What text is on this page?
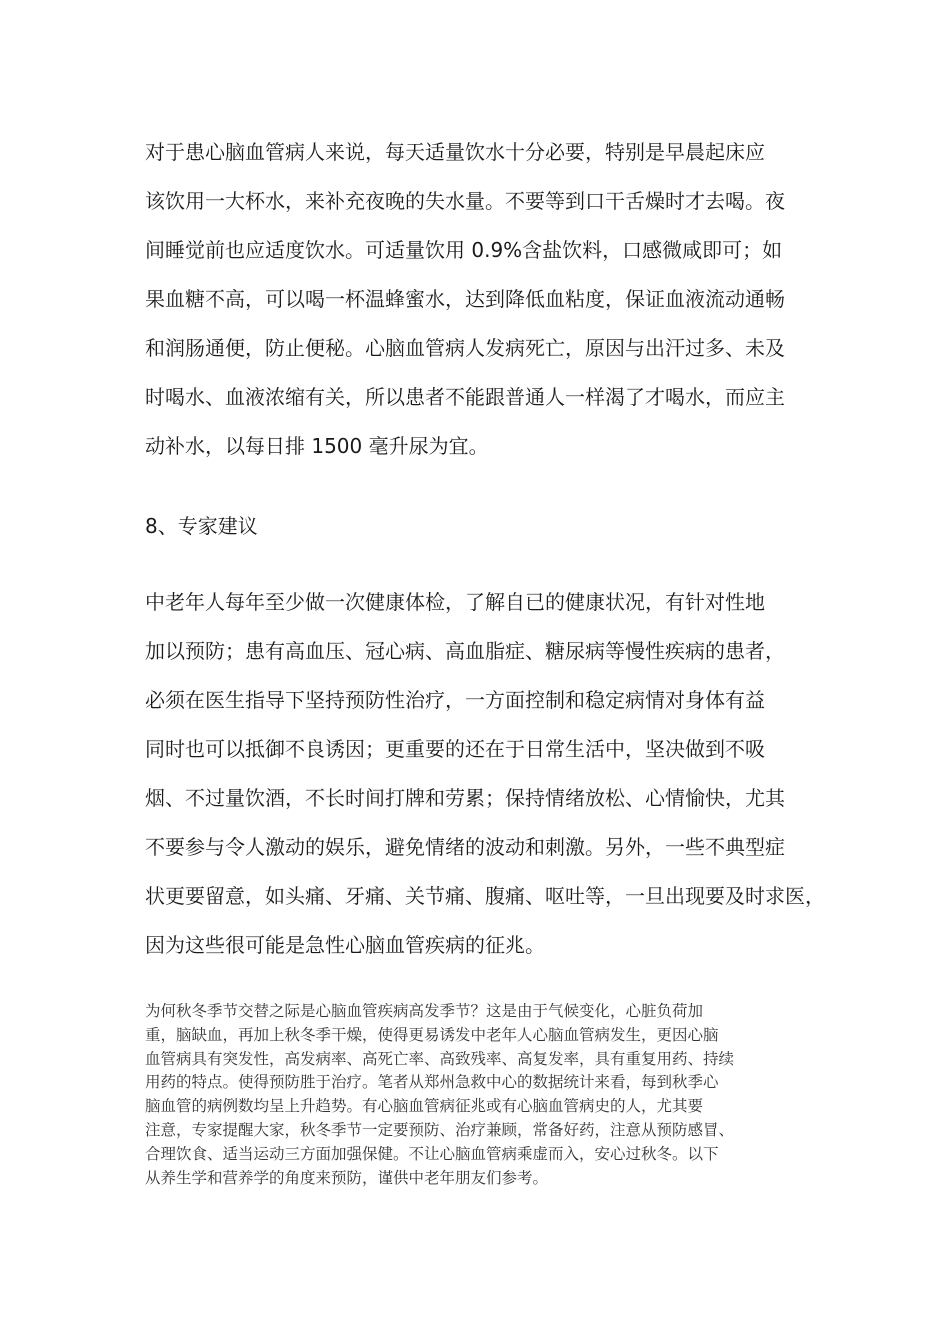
对于患心脑血管病人来说，每天适量饮水十分必要，特别是早晨起床应
该饮用一大杯水，来补充夜晚的失水量。不要等到口干舌燥时才去喝。夜
间睡觉前也应适度饮水。可适量饮用 0.9%含盐饮料，口感微咸即可；如
果血糖不高，可以喝一杯温蜂蜜水，达到降低血粘度，保证血液流动通畅
和润肠通便，防止便秘。心脑血管病人发病死亡，原因与出汗过多、未及
时喝水、血液浓缩有关，所以患者不能跟普通人一样渴了才喝水，而应主
动补水，以每日排 1500 毫升尿为宜。
8、专家建议
中老年人每年至少做一次健康体检，了解自已的健康状况，有针对性地
加以预防；患有高血压、冠心病、高血脂症、糖尿病等慢性疾病的患者，
必须在医生指导下坚持预防性治疗，一方面控制和稳定病情对身体有益
同时也可以抵御不良诱因；更重要的还在于日常生活中，坚决做到不吸
烟、不过量饮酒，不长时间打牌和劳累；保持情绪放松、心情愉快，尤其
不要参与令人激动的娱乐，避免情绪的波动和刺激。另外，一些不典型症
状更要留意，如头痛、牙痛、关节痛、腹痛、呕吐等，一旦出现要及时求医，
因为这些很可能是急性心脑血管疾病的征兆。
为何秋冬季节交替之际是心脑血管疾病高发季节？这是由于气候变化，心脏负荷加
重，脑缺血，再加上秋冬季干燥，使得更易诱发中老年人心脑血管病发生，更因心脑
血管病具有突发性，高发病率、高死亡率、高致残率、高复发率，具有重复用药、持续
用药的特点。使得预防胜于治疗。笔者从郑州急救中心的数据统计来看，每到秋季心
脑血管的病例数均呈上升趋势。有心脑血管病征兆或有心脑血管病史的人，尤其要
注意，专家提醒大家，秋冬季节一定要预防、治疗兼顾，常备好药，注意从预防感冒、
合理饮食、适当运动三方面加强保健。不让心脑血管病乘虚而入，安心过秋冬。以下
从养生学和营养学的角度来预防，谨供中老年朋友们参考。
